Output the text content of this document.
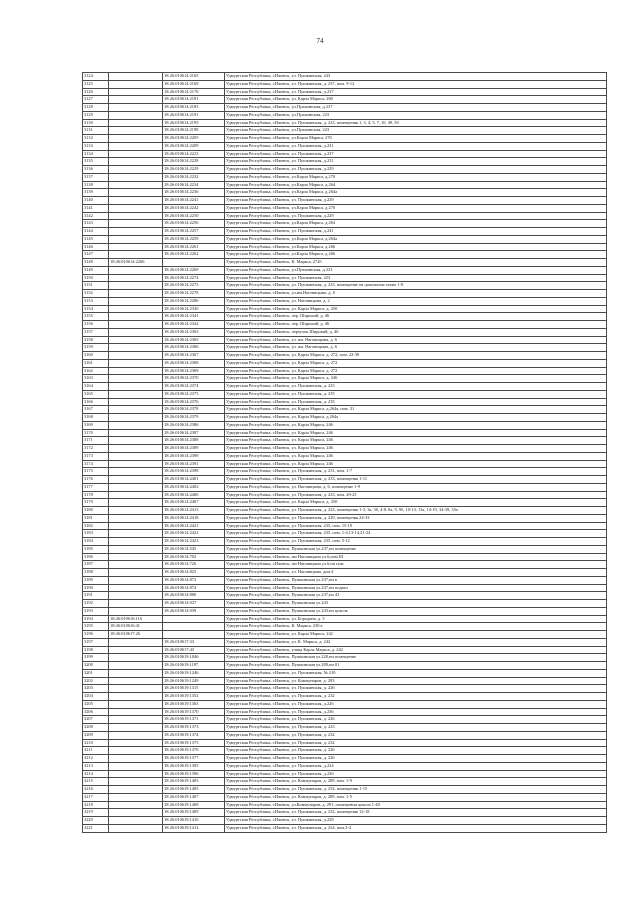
74
3124		18:26:010614:2165	Удмуртская Республика, г.Ижевск, ул. Пушкинская, 243
3125		18:26:010614:2169	Удмуртская Республика, г.Ижевск, ул. Пушкинская, д. 237, пом. 9-12
3126		18:26:010614:2176	Удмуртская Республика, г.Ижевск, ул. Пушкинская, д.237
3127		18:26:010614:2181	Удмуртская Республика, г.Ижевск, ул. Карла Маркса, 260
3128		18:26:010614:2183	Удмуртская Республика, г.Ижевск, ул.Пушкинская, д.237
3129		18:26:010614:2191	Удмуртская Республика, г.Ижевск, ул.Пушкинская, 223
3130		18:26:010614:2195	Удмуртская Республика, г.Ижевск, ул. Пушкинская, д. 223, помещения 1, 3, 4, 5, 7, 10, 49, 50
3131		18:26:010614:2198	Удмуртская Республика, г.Ижевск, ул.Пушкинская, 223
3132		18:26:010614:2205	Удмуртская Республика, г.Ижевск, ул.Карла Маркса, 270
3133		18:26:010614:2209	Удмуртская Республика, г.Ижевск, ул. Пушкинская, д.231
3134		18:26:010614:2223	Удмуртская Республика, г.Ижевск, ул. Пушкинская, д.237
3135		18:26:010614:2228	Удмуртская Республика, г.Ижевск, ул. Пушкинская, д.231
3136		18:26:010614:2229	Удмуртская Республика, г.Ижевск, ул. Пушкинская, д.229
3137		18:26:010614:2232	Удмуртская Республика, г.Ижевск, ул.Карла Маркса, д.270
3138		18:26:010614:2234	Удмуртская Республика, г.Ижевск, ул.Карла Маркса, д.264
3139		18:26:010614:2236	Удмуртская Республика, г.Ижевск, ул.Карла Маркса, д.264а
3140		18:26:010614:2241	Удмуртская Республика, г.Ижевск, ул. Пушкинская, д.229
3141		18:26:010614:2242	Удмуртская Республика, г.Ижевск, ул.Карла Маркса, д.270
3142		18:26:010614:2250	Удмуртская Республика, г.Ижевск, ул. Пушкинская, д.229
3143		18:26:010614:2256	Удмуртская Республика, г.Ижевск, ул.Карла Маркса, д.264
3144		18:26:010614:2257	Удмуртская Республика, г.Ижевск, ул. Пушкинская, д.241
3145		18:26:010614:2259	Удмуртская Республика, г.Ижевск, ул.Карла Маркса, д.264а
3146		18:26:010614:2261	Удмуртская Республика, г.Ижевск, ул.Карла Маркса, д.266
3147		18:26:010614:2262	Удмуртская Республика, г.Ижевск, ул.Карла Маркса, д.266
3148	18:26:010614:2266		Удмуртская Республика, г.Ижевск, К. Маркса, 272б
3149		18:26:010614:2269	Удмуртская Республика, г.Ижевск, ул.Пушкинская, д.223
3150		18:26:010614:2274	Удмуртская Республика, г.Ижевск, ул. Пушкинская, 223
3151		18:26:010614:2275	Удмуртская Республика, г.Ижевск, ул. Пушкинская, д. 223, помещение на цокольном этаже 1-8
3152		18:26:010614:2278	Удмуртская Республика, г.Ижевск, ул.им.Наговицына, д. 8
3153		18:26:010614:2286	Удмуртская Республика, г.Ижевск, ул. Наговицына, д. 2
3154		18:26:010614:2330	Удмуртская Республика, г.Ижевск, ул. Карла Маркса, д. 250
3155		18:26:010614:2341	Удмуртская Республика, г.Ижевск, пер. Широкий, д. 46
3156		18:26:010614:2342	Удмуртская Республика, г.Ижевск, пер. Широкий, д. 46
3157		18:26:010614:2363	Удмуртская Республика, г.Ижевск, переулок Широкий, д. 46
3158		18:26:010614:2365	Удмуртская Республика, г.Ижевск, ул. им. Наговицына, д. 6
3159		18:26:010614:2366	Удмуртская Республика, г.Ижевск, ул. им. Наговицына, д. 6
3160		18:26:010614:2367	Удмуртская Республика, г.Ижевск, ул. Карла Маркса, д. 272, пом. 22-39
3161		18:26:010614:2368	Удмуртская Республика, г.Ижевск, ул. Карла Маркса, д. 272
3162		18:26:010614:2369	Удмуртская Республика, г.Ижевск, ул. Карла Маркса, д. 272
3163		18:26:010614:2370	Удмуртская Республика, г.Ижевск, ул. Карла Маркса, д. 246
3164		18:26:010614:2374	Удмуртская Республика, г.Ижевск, ул. Пушкинская, д. 223
3165		18:26:010614:2375	Удмуртская Республика, г.Ижевск, ул. Пушкинская, д. 235
3166		18:26:010614:2376	Удмуртская Республика, г.Ижевск, ул. Пушкинская, д. 235
3167		18:26:010614:2378	Удмуртская Республика, г.Ижевск, ул. Карла Маркса, д.264а, пом. 31
3168		18:26:010614:2379	Удмуртская Республика, г.Ижевск, ул. Карла Маркса, д.264а
3169		18:26:010614:2386	Удмуртская Республика, г.Ижевск, ул. Карла Маркса, 246
3170		18:26:010614:2387	Удмуртская Республика, г.Ижевск, ул. Карла Маркса, 246
3171		18:26:010614:2388	Удмуртская Республика, г.Ижевск, ул. Карла Маркса, 246
3172		18:26:010614:2389	Удмуртская Республика, г.Ижевск, ул. Карла Маркса, 246
3173		18:26:010614:2390	Удмуртская Республика, г.Ижевск, ул. Карла Маркса, 246
3174		18:26:010614:2391	Удмуртская Республика, г.Ижевск, ул. Карла Маркса, 246
3175		18:26:010614:2398	Удмуртская Республика, г.Ижевск, ул. Пушкинская, д. 231, пом. 1-7
3176		18:26:010614:2401	Удмуртская Республика, г.Ижевск, ул. Пушкинская, д. 233, помещения 1-11
3177		18:26:010614:2402	Удмуртская Республика, г.Ижевск, ул. Наговицына, д. 6, помещение 1-9
3178		18:26:010614:2406	Удмуртская Республика, г.Ижевск, ул. Пушкинская, д. 223, пом. 20-23
3179		18:26:010614:2407	Удмуртская Республика, г.Ижевск, ул. Карла Маркса, д. 250
3180		18:26:010614:2413	Удмуртская Республика, г.Ижевск, ул. Пушкинская, д. 223, помещения 1-3, 3а, 30, 4-8, 8а, 9, 9б, 10-13, 13а, 14-19, 34-39, 35а
3181		18:26:010614:2418	Удмуртская Республика, г.Ижевск, ул. Пушкинская, д. 229, помещения 24-33
3182		18:26:010614:2421	Удмуртская Республика, г.Ижевск, ул. Пушкинская, 235, пом. 15-19
3183		18:26:010614:2422	Удмуртская Республика, г.Ижевск, ул. Пушкинская, 235, пом. 1-4,13-14,21-24
3184		18:26:010614:2423	Удмуртская Республика, г.Ижевск, ул. Пушкинская, 235, пом. 5-12
3185		18:26:010614:545	Удмуртская Республика, г.Ижевск, Пушкинская ул.237,нп помещение
3186		18:26:010614:702	Удмуртская Республика, г.Ижевск, им Наговицына ул.6,пом.III
3187		18:26:010614:726	Удмуртская Республика, г.Ижевск, им Наговицына ул.6,нп пом.
3188		18:26:010614:825	Удмуртская Республика, г.Ижевск, ул. Наговицына, дом 4
3189		18:26:010614:873	Удмуртская Республика, г.Ижевск, Пушкинская ул.237,нп к
3190		18:26:010614:874	Удмуртская Республика, г.Ижевск, Пушкинская ул.237,нп подвал
3191		18:26:010614:880	Удмуртская Республика, г.Ижевск, Пушкинская ул.237,нп 43
3192		18:26:010614:937	Удмуртская Республика, г.Ижевск, Пушкинская ул.243
3193		18:26:010614:939	Удмуртская Республика, г.Ижевск, Пушкинская ул.243,нп цоколь
3194	18:26:010616:116		Удмуртская Республика, г.Ижевск, ул. Бородина, д. 5
3195	18:26:010616:41		Удмуртская Республика, г.Ижевск, К. Маркса, 230 а
3196	18:26:010617:26		Удмуртская Республика, г.Ижевск, ул. Карла Маркса, 242
3197		18:26:010617:33	Удмуртская Республика, г.Ижевск, ул. К. Маркса, д. 242
3198		18:26:010617:43	Удмуртская Республика, г.Ижевск, улица Карла Маркса, д. 242
3199		18:26:010619:1046	Удмуртская Республика, г.Ижевск, Пушкинская ул.220,нп помещение
3200		18:26:010619:1187	Удмуртская Республика, г.Ижевск, Пушкинская ул.209,нп 01
3201		18:26:010619:1246	Удмуртская Республика, г.Ижевск, ул. Пушкинская, № 210
3202		18:26:010619:1249	Удмуртская Республика, г.Ижевск, ул. Коммунаров, д. 293
3203		18:26:010619:1315	Удмуртская Республика, г.Ижевск, ул. Пушкинская, д. 226
3204		18:26:010619:1352	Удмуртская Республика, г.Ижевск, ул. Пушкинская, д. 232
3205		18:26:010619:1363	Удмуртская Республика, г.Ижевск, ул. Пушкинская, д.226
3206		18:26:010619:1370	Удмуртская Республика, г.Ижевск, ул. Пушкинская, д.236
3207		18:26:010619:1371	Удмуртская Республика, г.Ижевск, ул. Пушкинская, д. 226
3208		18:26:010619:1373	Удмуртская Республика, г.Ижевск, ул. Пушкинская, д. 223
3209		18:26:010619:1374	Удмуртская Республика, г.Ижевск, ул. Пушкинская, д. 232
3210		18:26:010619:1375	Удмуртская Республика, г.Ижевск, ул. Пушкинская, д. 232
3211		18:26:010619:1376	Удмуртская Республика, г.Ижевск, ул. Пушкинская, д. 226
3212		18:26:010619:1377	Удмуртская Республика, г.Ижевск, ул. Пушкинская, д. 226
3213		18:26:010619:1385	Удмуртская Республика, г.Ижевск, ул. Пушкинская, д.224
3214		18:26:010619:1396	Удмуртская Республика, г.Ижевск, ул. Пушкинская, д.226
3215		18:26:010619:1403	Удмуртская Республика, г.Ижевск, ул. Коммунаров, д. 289, пом. 1-9
3216		18:26:010619:1405	Удмуртская Республика, г.Ижевск, ул. Пушкинская, д. 232, помещения 1-15
3217		18:26:010619:1407	Удмуртская Республика, г.Ижевск, ул. Коммунаров, д. 289, пом. 1-5
3218		18:26:010619:1408	Удмуртская Республика, г.Ижевск, ул.Коммунаров, д. 291, помещения цоколь 1-40
3219		18:26:010619:1409	Удмуртская Республика, г.Ижевск, ул. Пушкинская, д. 232, помещения 12-18
3220		18:26:010619:1410	Удмуртская Республика, г.Ижевск, ул. Пушкинская, д.228
3221		18:26:010619:1412	Удмуртская Республика, г.Ижевск, ул. Пушкинская, д. 224, пом.3-4
